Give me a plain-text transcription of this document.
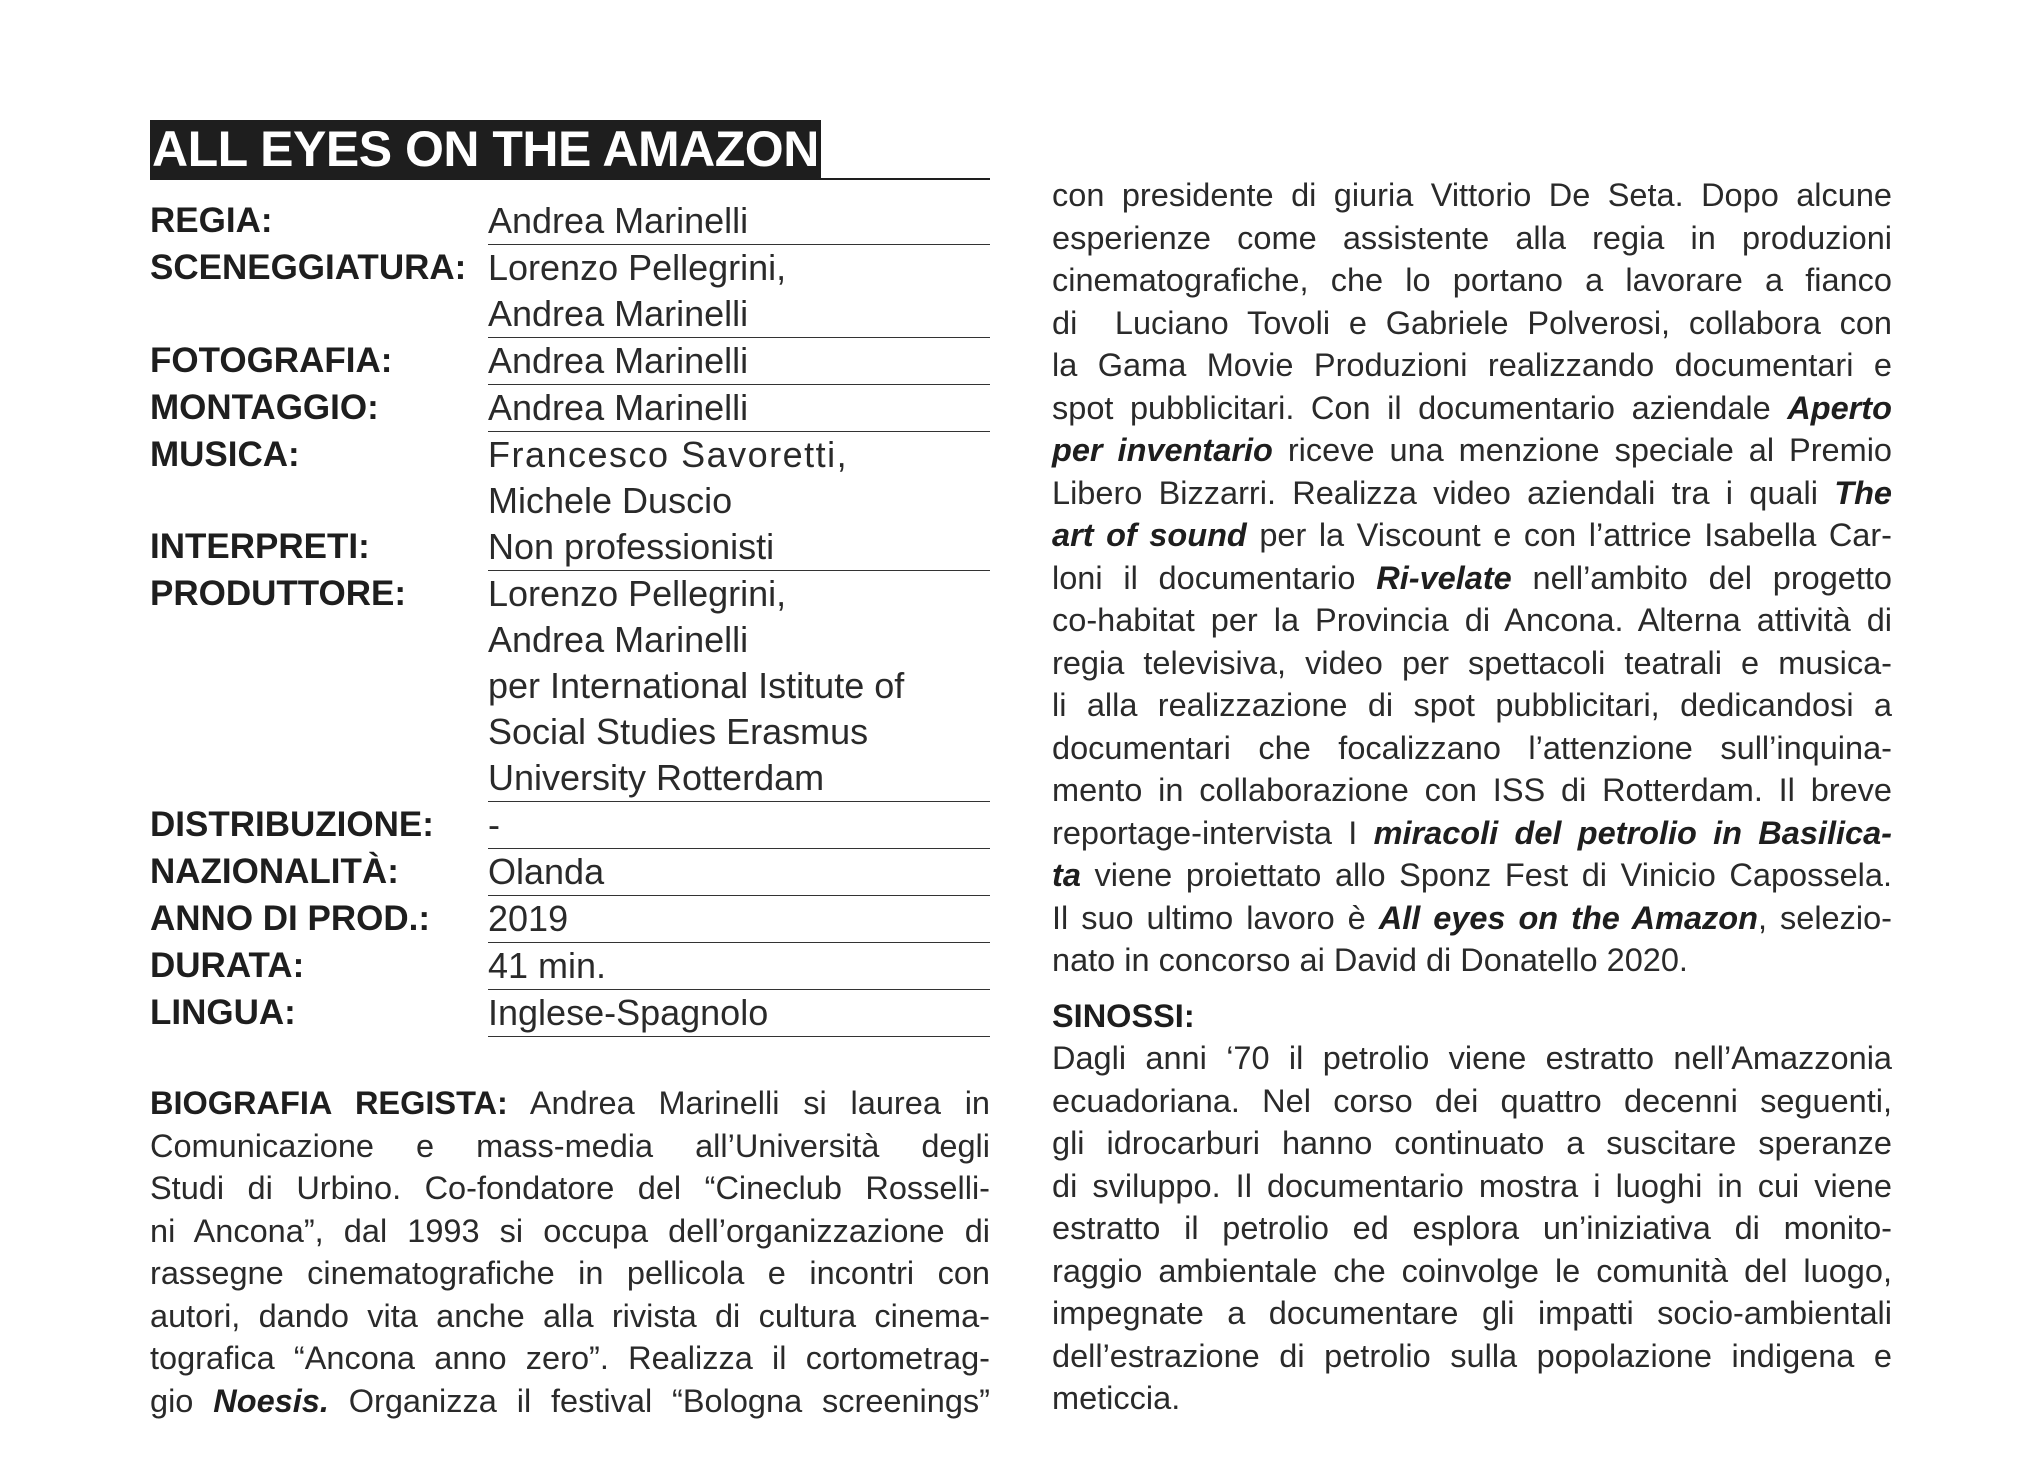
ALL EYES ON THE AMAZON
REGIA:	Andrea Marinelli
SCENEGGIATURA: Lorenzo Pellegrini,
Andrea Marinelli
FOTOGRAFIA:	Andrea Marinelli
MONTAGGIO:	Andrea Marinelli
MUSICA:	Francesco Savoretti,
Michele Duscio
INTERPRETI:	Non professionisti
PRODUTTORE:	Lorenzo Pellegrini,
Andrea Marinelli
per International Istitute of
Social Studies Erasmus
University Rotterdam
DISTRIBUZIONE:	-
NAZIONALITÀ:	Olanda
ANNO DI PROD.:	2019
DURATA:	41 min.
LINGUA:	Inglese-Spagnolo
BIOGRAFIA REGISTA: Andrea Marinelli si laurea in
Comunicazione e mass-media all’Università degli
Studi di Urbino. Co-fondatore del “Cineclub Rosselli-
ni Ancona”, dal 1993 si occupa dell’organizzazione di
rassegne cinematografiche in pellicola e incontri con
autori, dando vita anche alla rivista di cultura cinema-
tografica “Ancona anno zero”. Realizza il cortometrag-
gio Noesis. Organizza il festival “Bologna screenings”
con presidente di giuria Vittorio De Seta. Dopo alcune
esperienze come assistente alla regia in produzioni
cinematografiche, che lo portano a lavorare a fianco
di  Luciano Tovoli e Gabriele Polverosi, collabora con
la Gama Movie Produzioni realizzando documentari e
spot pubblicitari. Con il documentario aziendale Aperto
per inventario riceve una menzione speciale al Premio
Libero Bizzarri. Realizza video aziendali tra i quali The
art of sound per la Viscount e con l’attrice Isabella Car-
loni il documentario Ri-velate nell’ambito del progetto
co-habitat per la Provincia di Ancona. Alterna attività di
regia televisiva, video per spettacoli teatrali e musica-
li alla realizzazione di spot pubblicitari, dedicandosi a
documentari che focalizzano l’attenzione sull’inquina-
mento in collaborazione con ISS di Rotterdam. Il breve
reportage-intervista I miracoli del petrolio in Basilica-
ta viene proiettato allo Sponz Fest di Vinicio Capossela.
Il suo ultimo lavoro è All eyes on the Amazon, selezio-
nato in concorso ai David di Donatello 2020.
SINOSSI:
Dagli anni ‘70 il petrolio viene estratto nell’Amazzonia
ecuadoriana. Nel corso dei quattro decenni seguenti,
gli idrocarburi hanno continuato a suscitare speranze
di sviluppo. Il documentario mostra i luoghi in cui viene
estratto il petrolio ed esplora un’iniziativa di monito-
raggio ambientale che coinvolge le comunità del luogo,
impegnate a documentare gli impatti socio-ambientali
dell’estrazione di petrolio sulla popolazione indigena e
meticcia.
